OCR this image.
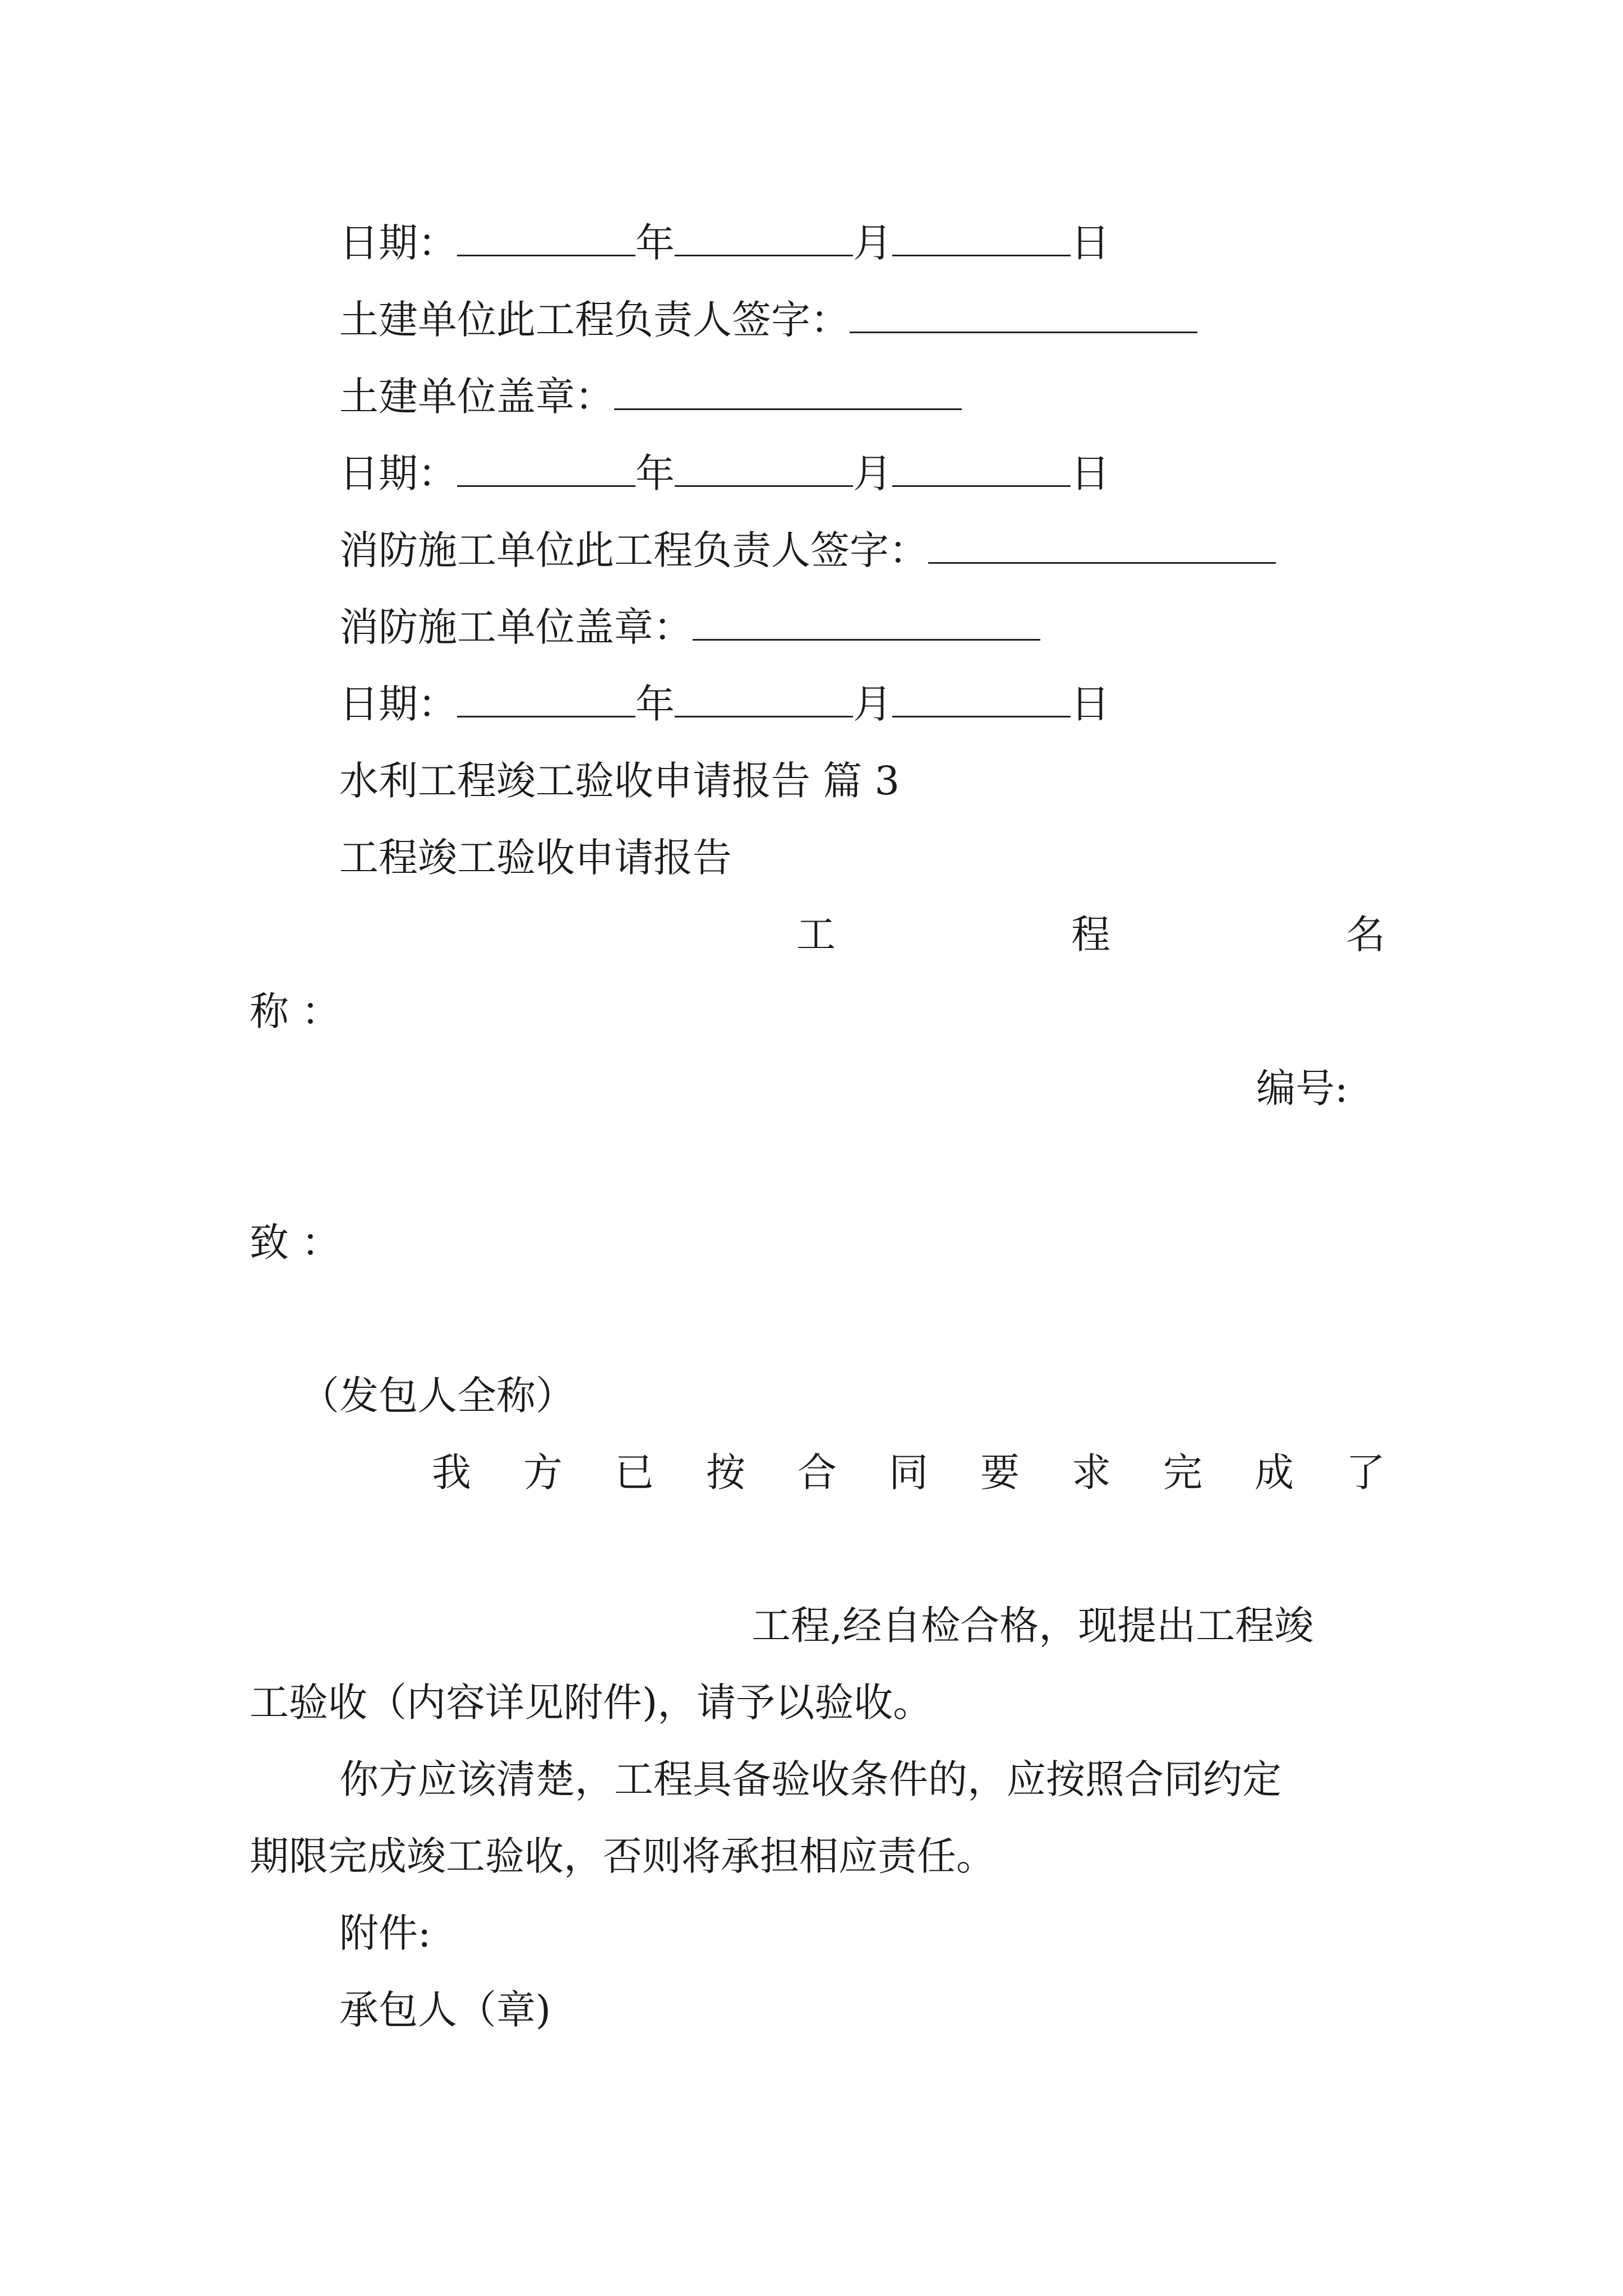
日期：	年	月	日
土建单位此工程负责人签字：
土建单位盖章：
日期：	年	月	日
消防施工单位此工程负责人签字：
消防施工单位盖章：
日期：	年	月	日
水利工程竣工验收申请报告 篇 3
工程竣工验收申请报告
工	程	名
称 ：
编号:
致 ：
（发包人全称）
我 方 已 按 合 同 要 求 完 成 了
工程,经自检合格，现提出工程竣
工验收（内容详见附件)，请予以验收。
你方应该清楚，工程具备验收条件的，应按照合同约定
期限完成竣工验收，否则将承担相应责任。
附件:
承包人（章)
